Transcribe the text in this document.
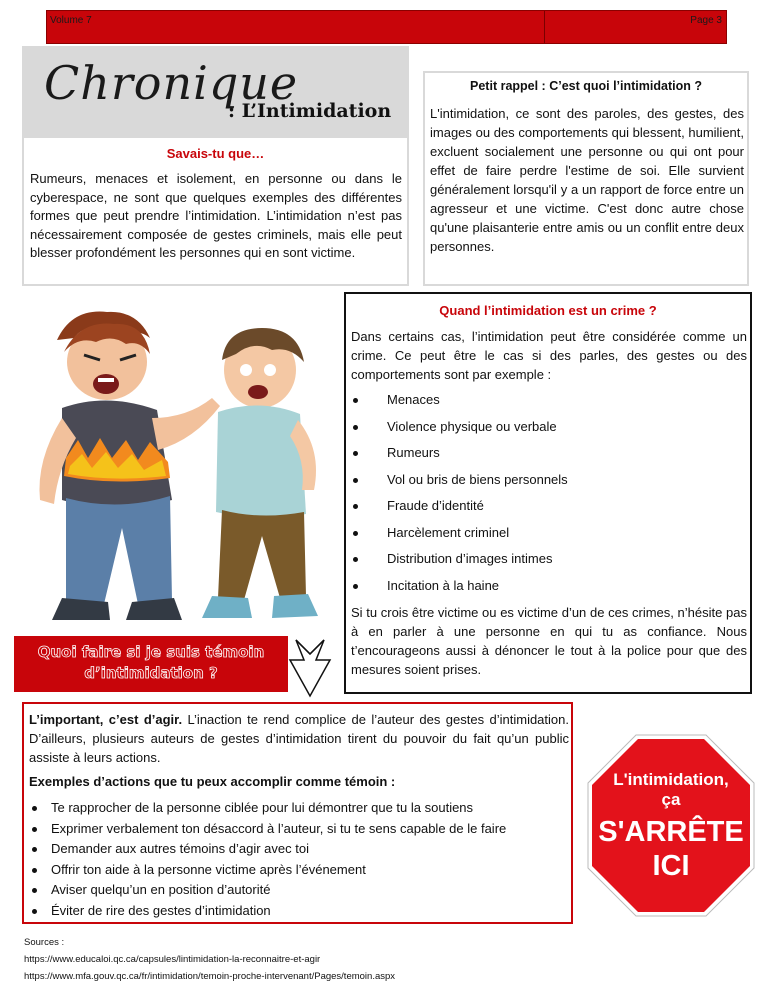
Volume 7	Page 3
Chronique
: L’Intimidation
Savais-tu que…

Rumeurs, menaces et isolement, en personne ou dans le cyberespace, ne sont que quelques exemples des différentes formes que peut prendre l’intimidation. L’intimidation n’est pas nécessairement composée de gestes criminels, mais elle peut blesser profondément les personnes qui en sont victime.

Petit rappel : C’est quoi l’intimidation ?

L'intimidation, ce sont des paroles, des gestes, des images ou des comportements qui blessent, humilient, excluent socialement une personne ou qui ont pour effet de faire perdre l'estime de soi. Elle survient généralement lorsqu'il y a un rapport de force entre un agresseur et une victime. C'est donc autre chose qu'une plaisanterie entre amis ou un conflit entre deux personnes.

Quand l’intimidation est un crime ?

Dans certains cas, l’intimidation peut être considérée comme un crime. Ce peut être le cas si des parles, des gestes ou des comportements sont par exemple :

Menaces
Violence physique ou verbale
Rumeurs
Vol ou bris de biens personnels
Fraude d’identité
Harcèlement criminel
Distribution d’images intimes
Incitation à la haine

Si tu crois être victime ou es victime d’un de ces crimes, n’hésite pas à en parler à une personne en qui tu as confiance. Nous t’encourageons aussi à dénoncer le tout à la police pour que des mesures soient prises.

Quoi faire si je suis témoin
d’intimidation ?

L’important, c’est d’agir. L’inaction te rend complice de l’auteur des gestes d’intimidation. D’ailleurs, plusieurs auteurs de gestes d’intimidation tirent du pouvoir du fait qu’un public assiste à leurs actions.

Exemples d’actions que tu peux accomplir comme témoin :
Te rapprocher de la personne ciblée pour lui démontrer que tu la soutiens
Exprimer verbalement ton désaccord à l’auteur, si tu te sens capable de le faire
Demander aux autres témoins d’agir avec toi
Offrir ton aide à la personne victime après l’événement
Aviser quelqu’un en position d’autorité
Éviter de rire des gestes d’intimidation
L'intimidation,
ça
S'ARRÊTE
ICI
Sources :
https://www.educaloi.qc.ca/capsules/lintimidation-la-reconnaitre-et-agir
https://www.mfa.gouv.qc.ca/fr/intimidation/temoin-proche-intervenant/Pages/temoin.aspx
